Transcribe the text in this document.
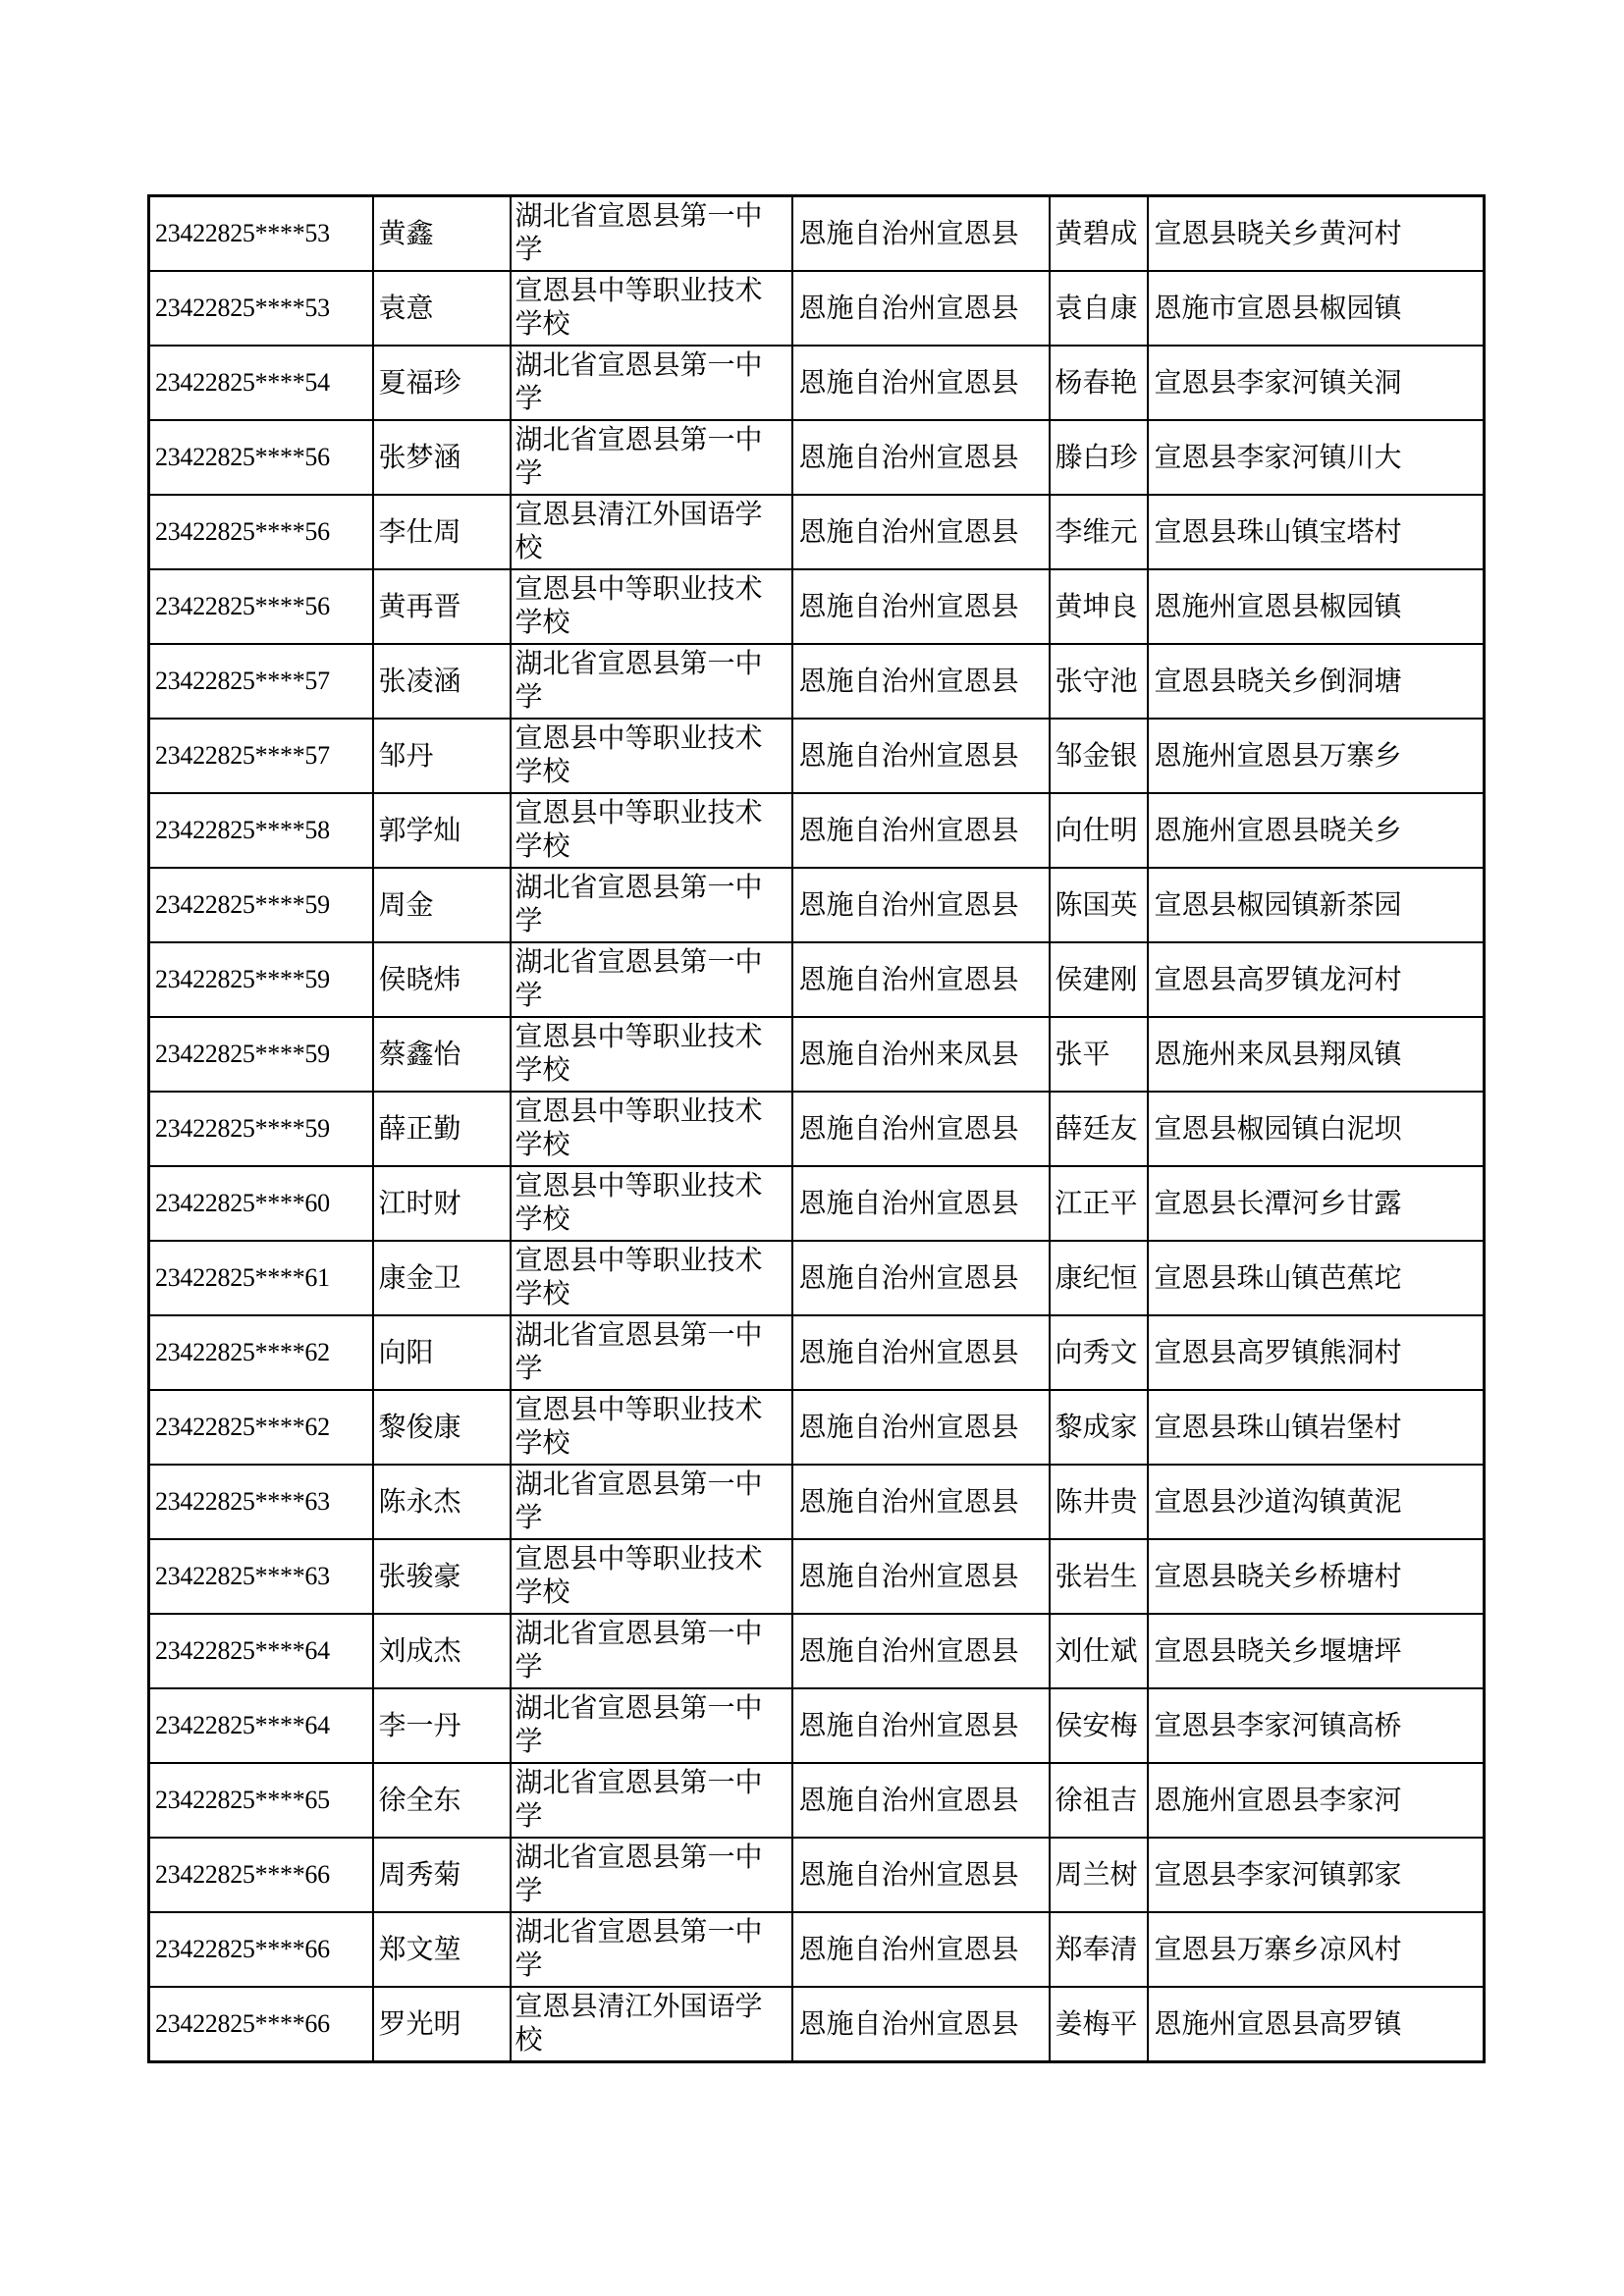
23422825****53	黄鑫	湖北省宣恩县第一中学	恩施自治州宣恩县	黄碧成	宣恩县晓关乡黄河村
23422825****53	袁意	宣恩县中等职业技术学校	恩施自治州宣恩县	袁自康	恩施市宣恩县椒园镇
23422825****54	夏福珍	湖北省宣恩县第一中学	恩施自治州宣恩县	杨春艳	宣恩县李家河镇关洞
23422825****56	张梦涵	湖北省宣恩县第一中学	恩施自治州宣恩县	滕白珍	宣恩县李家河镇川大
23422825****56	李仕周	宣恩县清江外国语学校	恩施自治州宣恩县	李维元	宣恩县珠山镇宝塔村
23422825****56	黄再晋	宣恩县中等职业技术学校	恩施自治州宣恩县	黄坤良	恩施州宣恩县椒园镇
23422825****57	张凌涵	湖北省宣恩县第一中学	恩施自治州宣恩县	张守池	宣恩县晓关乡倒洞塘
23422825****57	邹丹	宣恩县中等职业技术学校	恩施自治州宣恩县	邹金银	恩施州宣恩县万寨乡
23422825****58	郭学灿	宣恩县中等职业技术学校	恩施自治州宣恩县	向仕明	恩施州宣恩县晓关乡
23422825****59	周金	湖北省宣恩县第一中学	恩施自治州宣恩县	陈国英	宣恩县椒园镇新茶园
23422825****59	侯晓炜	湖北省宣恩县第一中学	恩施自治州宣恩县	侯建刚	宣恩县高罗镇龙河村
23422825****59	蔡鑫怡	宣恩县中等职业技术学校	恩施自治州来凤县	张平	恩施州来凤县翔凤镇
23422825****59	薛正勤	宣恩县中等职业技术学校	恩施自治州宣恩县	薛廷友	宣恩县椒园镇白泥坝
23422825****60	江时财	宣恩县中等职业技术学校	恩施自治州宣恩县	江正平	宣恩县长潭河乡甘露
23422825****61	康金卫	宣恩县中等职业技术学校	恩施自治州宣恩县	康纪恒	宣恩县珠山镇芭蕉坨
23422825****62	向阳	湖北省宣恩县第一中学	恩施自治州宣恩县	向秀文	宣恩县高罗镇熊洞村
23422825****62	黎俊康	宣恩县中等职业技术学校	恩施自治州宣恩县	黎成家	宣恩县珠山镇岩堡村
23422825****63	陈永杰	湖北省宣恩县第一中学	恩施自治州宣恩县	陈井贵	宣恩县沙道沟镇黄泥
23422825****63	张骏豪	宣恩县中等职业技术学校	恩施自治州宣恩县	张岩生	宣恩县晓关乡桥塘村
23422825****64	刘成杰	湖北省宣恩县第一中学	恩施自治州宣恩县	刘仕斌	宣恩县晓关乡堰塘坪
23422825****64	李一丹	湖北省宣恩县第一中学	恩施自治州宣恩县	侯安梅	宣恩县李家河镇高桥
23422825****65	徐全东	湖北省宣恩县第一中学	恩施自治州宣恩县	徐祖吉	恩施州宣恩县李家河
23422825****66	周秀菊	湖北省宣恩县第一中学	恩施自治州宣恩县	周兰树	宣恩县李家河镇郭家
23422825****66	郑文堃	湖北省宣恩县第一中学	恩施自治州宣恩县	郑奉清	宣恩县万寨乡凉风村
23422825****66	罗光明	宣恩县清江外国语学校	恩施自治州宣恩县	姜梅平	恩施州宣恩县高罗镇
